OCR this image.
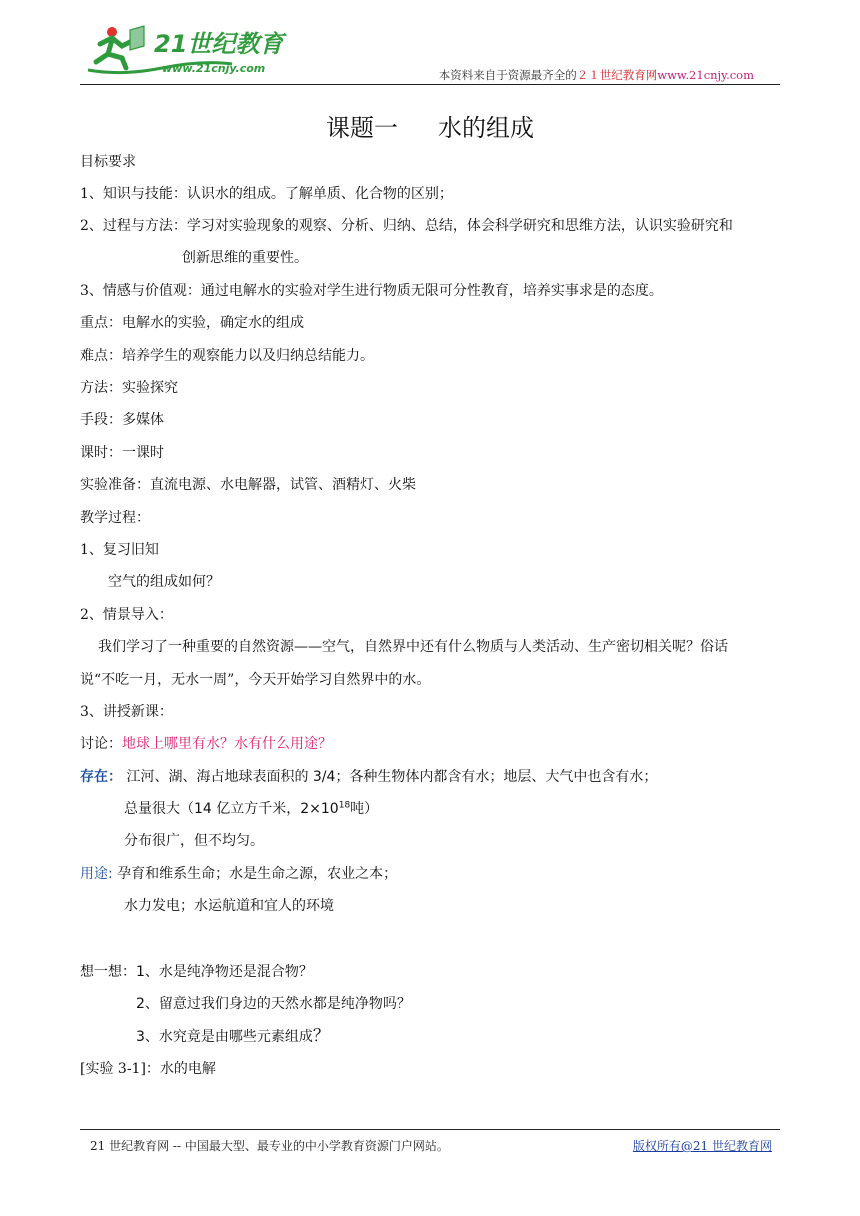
21世纪教育
www.21cnjy.com	本资料来自于资源最齐全的２１世纪教育网www.21cnjy.com
课题一 水的组成
目标要求
1、知识与技能：认识水的组成。了解单质、化合物的区别；
2、过程与方法：学习对实验现象的观察、分析、归纳、总结，体会科学研究和思维方法，认识实验研究和
创新思维的重要性。
3、情感与价值观：通过电解水的实验对学生进行物质无限可分性教育，培养实事求是的态度。
重点：电解水的实验，确定水的组成
难点：培养学生的观察能力以及归纳总结能力。
方法：实验探究
手段：多媒体
课时：一课时
实验准备：直流电源、水电解器，试管、酒精灯、火柴
教学过程：
1、复习旧知
空气的组成如何？
2、情景导入：
我们学习了一种重要的自然资源——空气，自然界中还有什么物质与人类活动、生产密切相关呢？俗话
说“不吃一月，无水一周”，今天开始学习自然界中的水。
3、讲授新课：
讨论：地球上哪里有水？水有什么用途？
存在： 江河、湖、海占地球表面积的 3/4；各种生物体内都含有水；地层、大气中也含有水；
总量很大（14 亿立方千米，$2\times 10^{18}$吨）
分布很广，但不均匀。
用途: 孕育和维系生命；水是生命之源，农业之本；
水力发电；水运航道和宜人的环境
想一想：1、水是纯净物还是混合物？
2、留意过我们身边的天然水都是纯净物吗？
3、水究竟是由哪些元素组成？
[实验 3-1]：水的电解
21 世纪教育网 -- 中国最大型、最专业的中小学教育资源门户网站。	版权所有@21 世纪教育网
